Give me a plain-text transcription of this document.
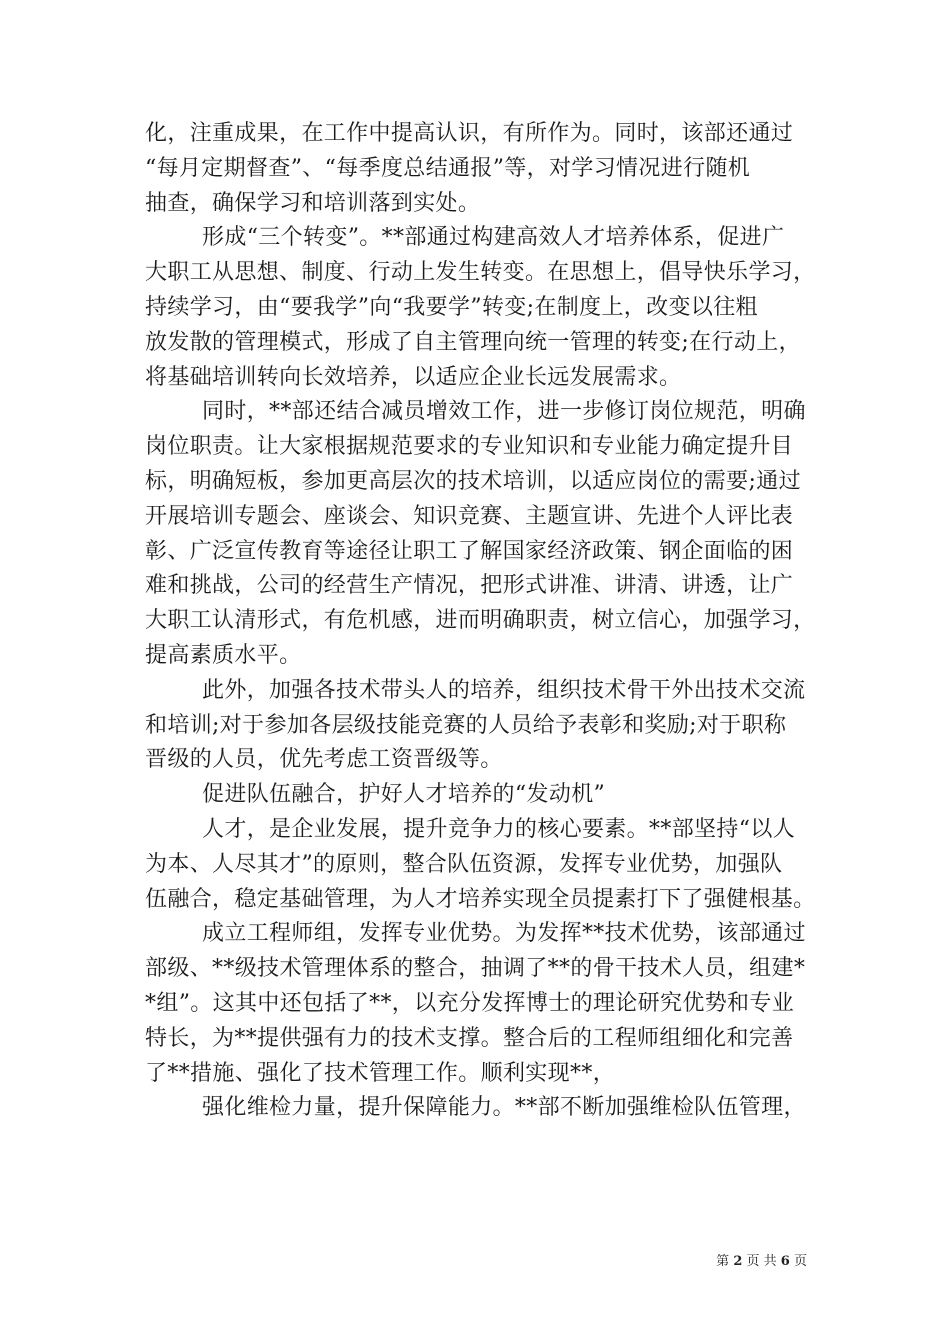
化，注重成果，在工作中提高认识，有所作为。同时，该部还通过
“每月定期督查”、“每季度总结通报”等，对学习情况进行随机
抽查，确保学习和培训落到实处。
形成“三个转变”。**部通过构建高效人才培养体系，促进广
大职工从思想、制度、行动上发生转变。在思想上，倡导快乐学习，
持续学习，由“要我学”向“我要学”转变;在制度上，改变以往粗
放发散的管理模式，形成了自主管理向统一管理的转变;在行动上，
将基础培训转向长效培养，以适应企业长远发展需求。
同时，**部还结合减员增效工作，进一步修订岗位规范，明确
岗位职责。让大家根据规范要求的专业知识和专业能力确定提升目
标，明确短板，参加更高层次的技术培训，以适应岗位的需要;通过
开展培训专题会、座谈会、知识竞赛、主题宣讲、先进个人评比表
彰、广泛宣传教育等途径让职工了解国家经济政策、钢企面临的困
难和挑战，公司的经营生产情况，把形式讲准、讲清、讲透，让广
大职工认清形式，有危机感，进而明确职责，树立信心，加强学习，
提高素质水平。
此外，加强各技术带头人的培养，组织技术骨干外出技术交流
和培训;对于参加各层级技能竞赛的人员给予表彰和奖励;对于职称
晋级的人员，优先考虑工资晋级等。
促进队伍融合，护好人才培养的“发动机”
人才，是企业发展，提升竞争力的核心要素。**部坚持“以人
为本、人尽其才”的原则，整合队伍资源，发挥专业优势，加强队
伍融合，稳定基础管理，为人才培养实现全员提素打下了强健根基。
成立工程师组，发挥专业优势。为发挥**技术优势，该部通过
部级、**级技术管理体系的整合，抽调了**的骨干技术人员，组建*
*组”。这其中还包括了**，以充分发挥博士的理论研究优势和专业
特长，为**提供强有力的技术支撑。整合后的工程师组细化和完善
了**措施、强化了技术管理工作。顺利实现**，
强化维检力量，提升保障能力。**部不断加强维检队伍管理，
第 2 页 共 6 页
